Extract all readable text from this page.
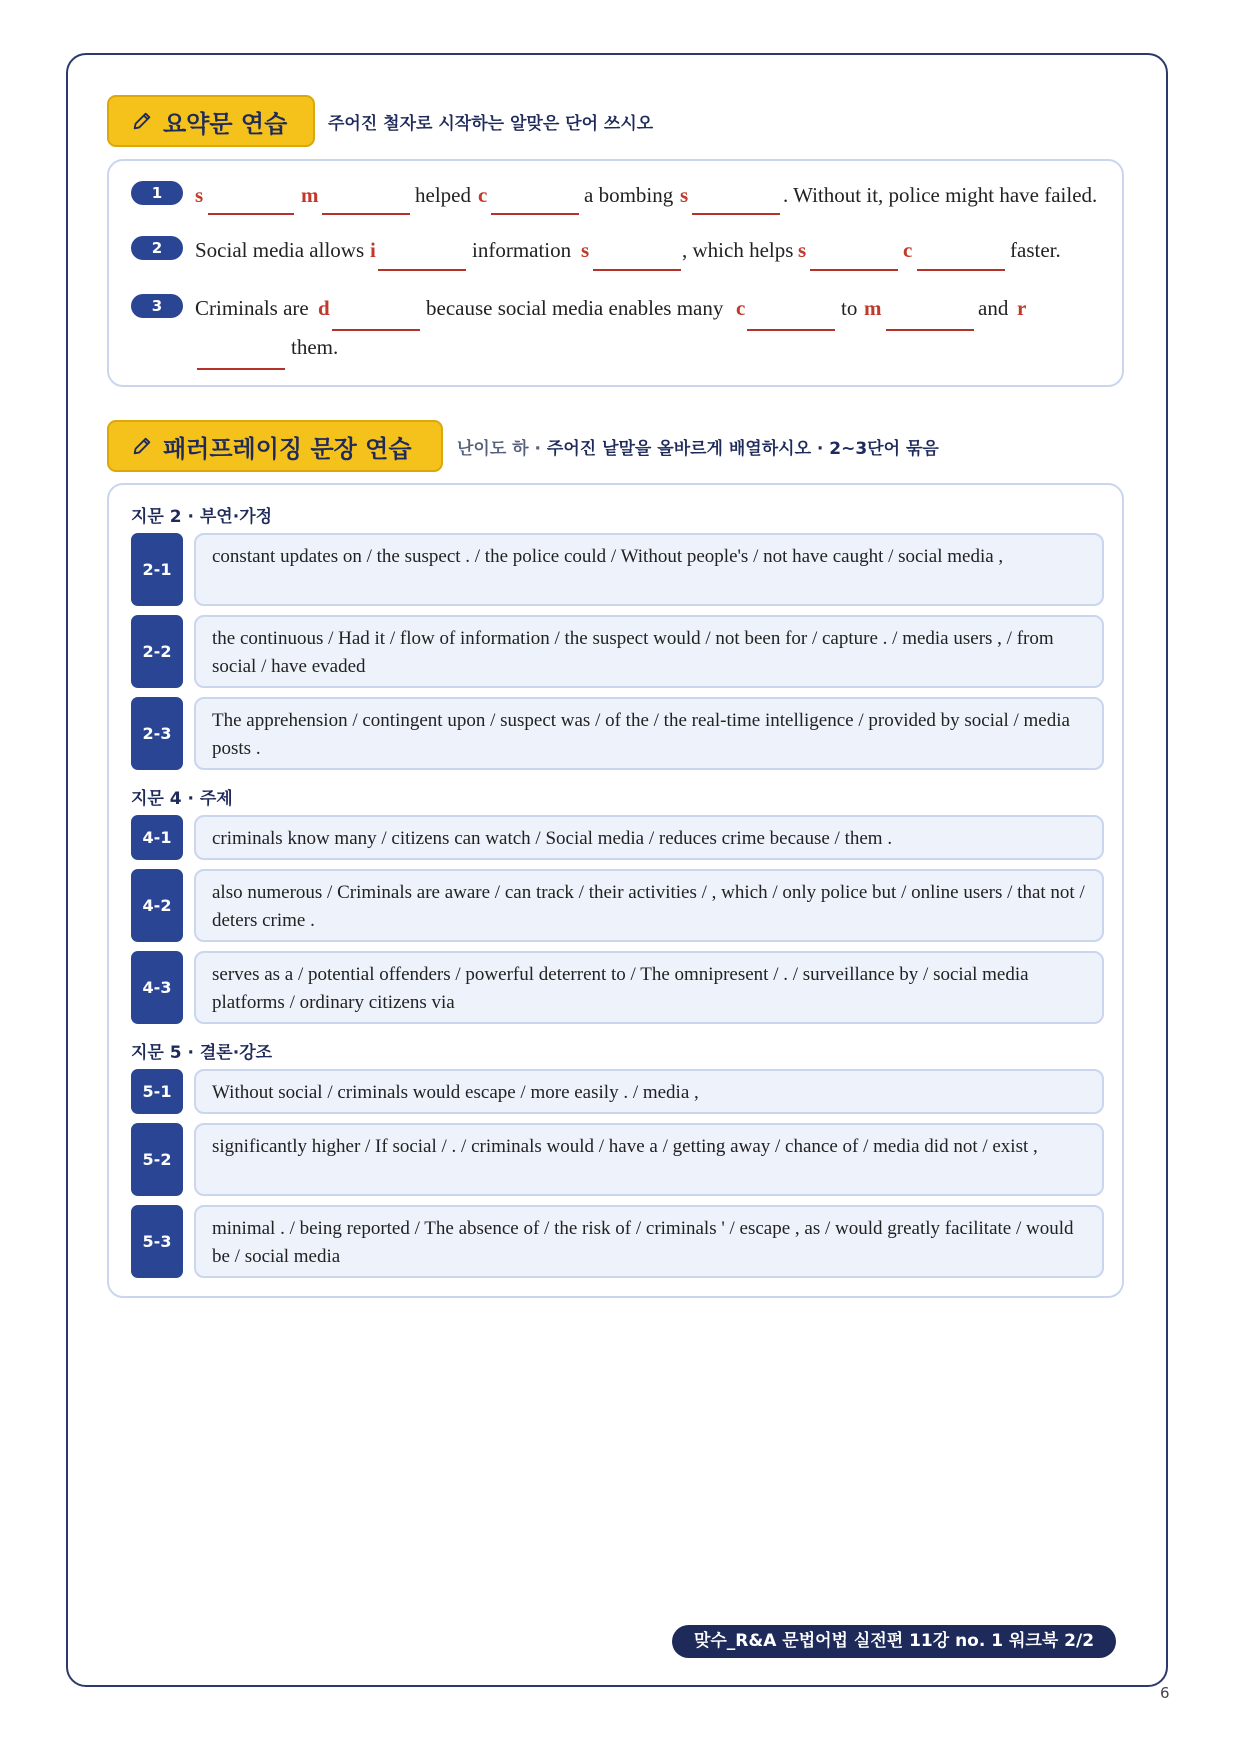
요약문 연습 주어진 철자로 시작하는 알맞은 단어 쓰시오
1	s	m	helped c	a bombing s	. Without it, police might have failed.
2	Social media allows i	information s	, which helps s	c	faster.
3	Criminals are d	because social media enables many c	to m	and r
them.
패러프레이징 문장 연습	난이도 하 · 주어진 낱말을 올바르게 배열하시오 · 2~3단어 묶음
지문 2 · 부연·가정
2-1
constant updates on / the suspect . / the police could / Without people's / not have caught / social media ,
2-2
the continuous / Had it / flow of information / the suspect would / not been for / capture . / media users , / from social / have evaded
2-3
The apprehension / contingent upon / suspect was / of the / the real-time intelligence / provided by social / media posts .
지문 4 · 주제
4-1	criminals know many / citizens can watch / Social media / reduces crime because / them .
4-2
also numerous / Criminals are aware / can track / their activities / , which / only police but / online users / that not / deters crime .
4-3
serves as a / potential offenders / powerful deterrent to / The omnipresent / . / surveillance by / social media platforms / ordinary citizens via
지문 5 · 결론·강조
5-1	Without social / criminals would escape / more easily . / media ,
5-2
significantly higher / If social / . / criminals would / have a / getting away / chance of / media did not / exist ,
5-3
minimal . / being reported / The absence of / the risk of / criminals ' / escape , as / would greatly facilitate / would be / social media
맞수_R&A 문법어법 실전편 11강 no. 1 워크북 2/2
6
